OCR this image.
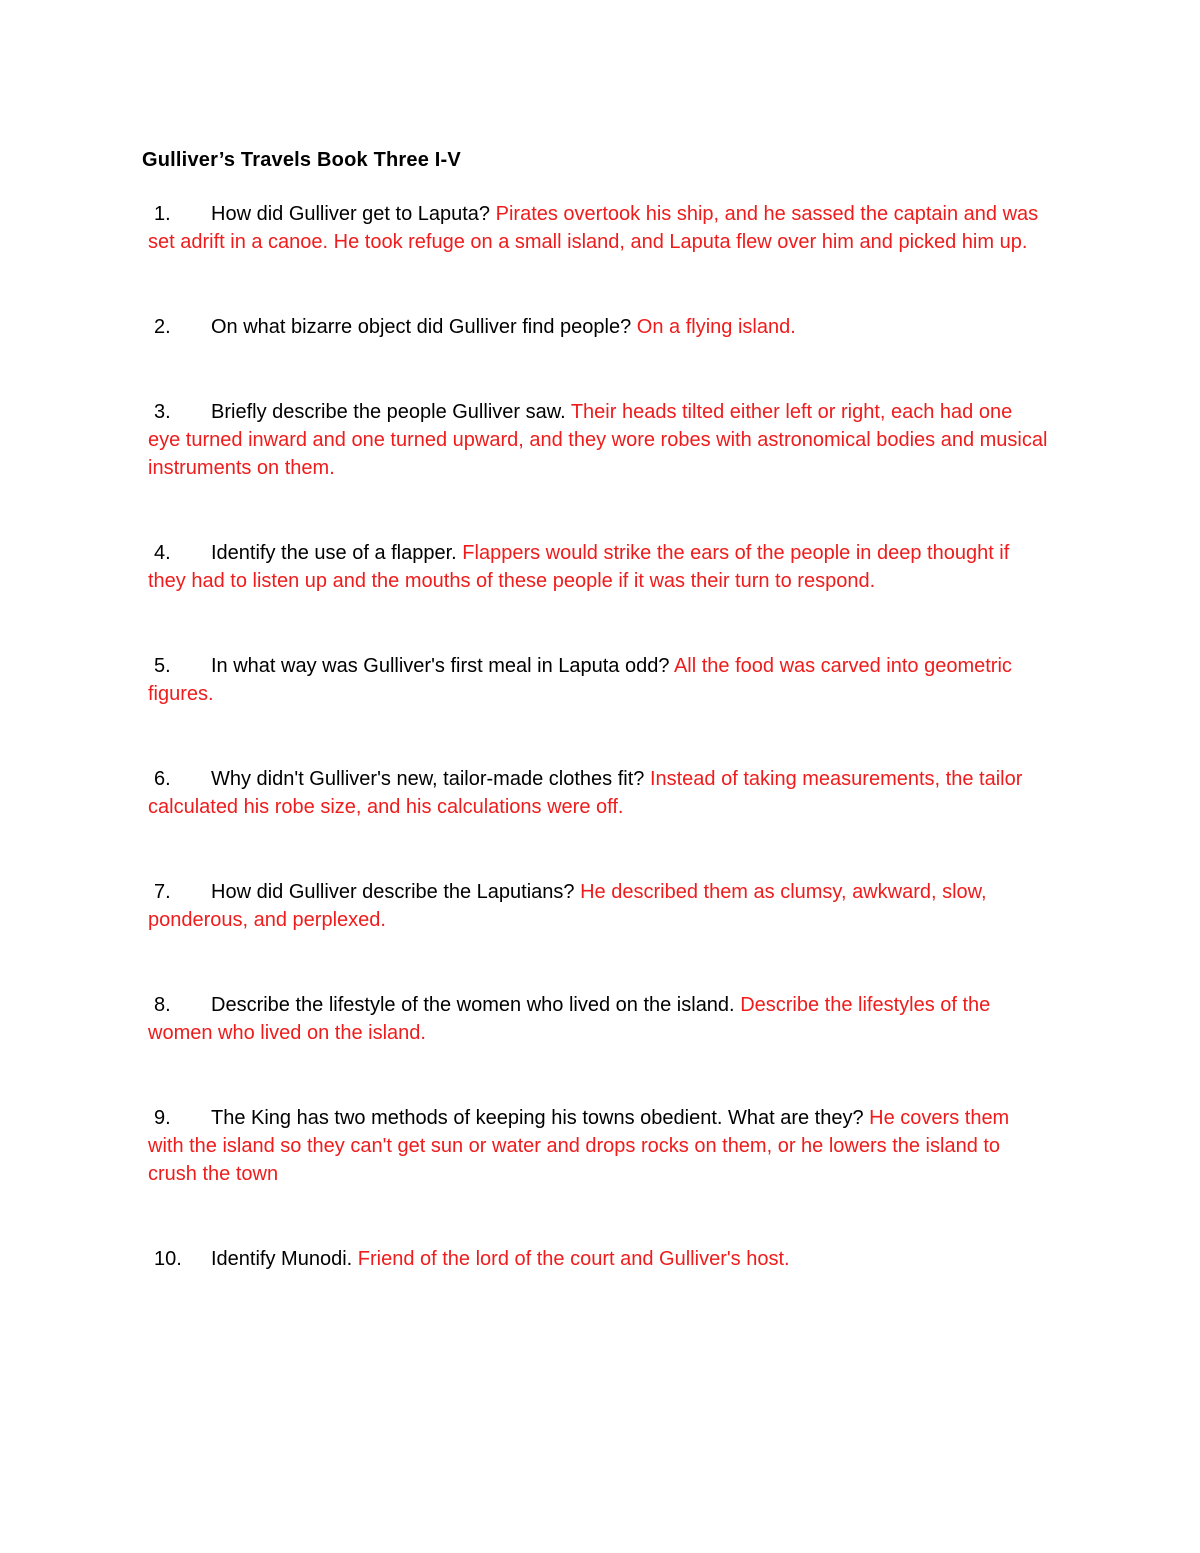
Gulliver’s Travels Book Three I-V
1. How did Gulliver get to Laputa? Pirates overtook his ship, and he sassed the captain and was set adrift in a canoe. He took refuge on a small island, and Laputa flew over him and picked him up.
2. On what bizarre object did Gulliver find people? On a flying island.
3. Briefly describe the people Gulliver saw. Their heads tilted either left or right, each had one eye turned inward and one turned upward, and they wore robes with astronomical bodies and musical instruments on them.
4. Identify the use of a flapper. Flappers would strike the ears of the people in deep thought if they had to listen up and the mouths of these people if it was their turn to respond.
5. In what way was Gulliver's first meal in Laputa odd? All the food was carved into geometric figures.
6. Why didn't Gulliver's new, tailor-made clothes fit? Instead of taking measurements, the tailor calculated his robe size, and his calculations were off.
7. How did Gulliver describe the Laputians? He described them as clumsy, awkward, slow, ponderous, and perplexed.
8. Describe the lifestyle of the women who lived on the island. Describe the lifestyles of the women who lived on the island.
9. The King has two methods of keeping his towns obedient. What are they? He covers them with the island so they can't get sun or water and drops rocks on them, or he lowers the island to crush the town
10. Identify Munodi. Friend of the lord of the court and Gulliver's host.
